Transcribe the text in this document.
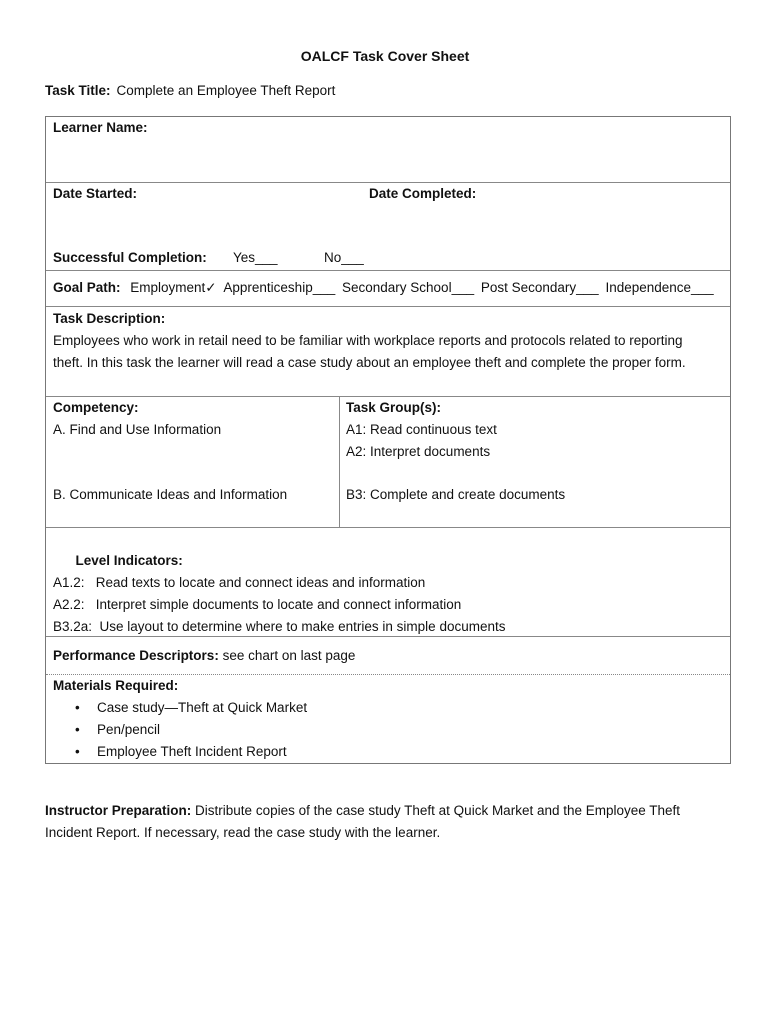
OALCF Task Cover Sheet
Task Title: Complete an Employee Theft Report
Learner Name:
Date Started:	Date Completed:
Successful Completion: Yes___	No___
Goal Path: Employment✓ Apprenticeship___ Secondary School___ Post Secondary___ Independence___
Task Description:
Employees who work in retail need to be familiar with workplace reports and protocols related to reporting
theft. In this task the learner will read a case study about an employee theft and complete the proper form.
Competency:
A. Find and Use Information
B. Communicate Ideas and Information
Task Group(s):
A1: Read continuous text
A2: Interpret documents
B3: Complete and create documents

Level Indicators:
A1.2:   Read texts to locate and connect ideas and information
A2.2:   Interpret simple documents to locate and connect information
B3.2a:  Use layout to determine where to make entries in simple documents

Performance Descriptors: see chart on last page
Materials Required:
• Case study—Theft at Quick Market
• Pen/pencil
• Employee Theft Incident Report
Instructor Preparation: Distribute copies of the case study Theft at Quick Market and the Employee Theft
Incident Report. If necessary, read the case study with the learner.
